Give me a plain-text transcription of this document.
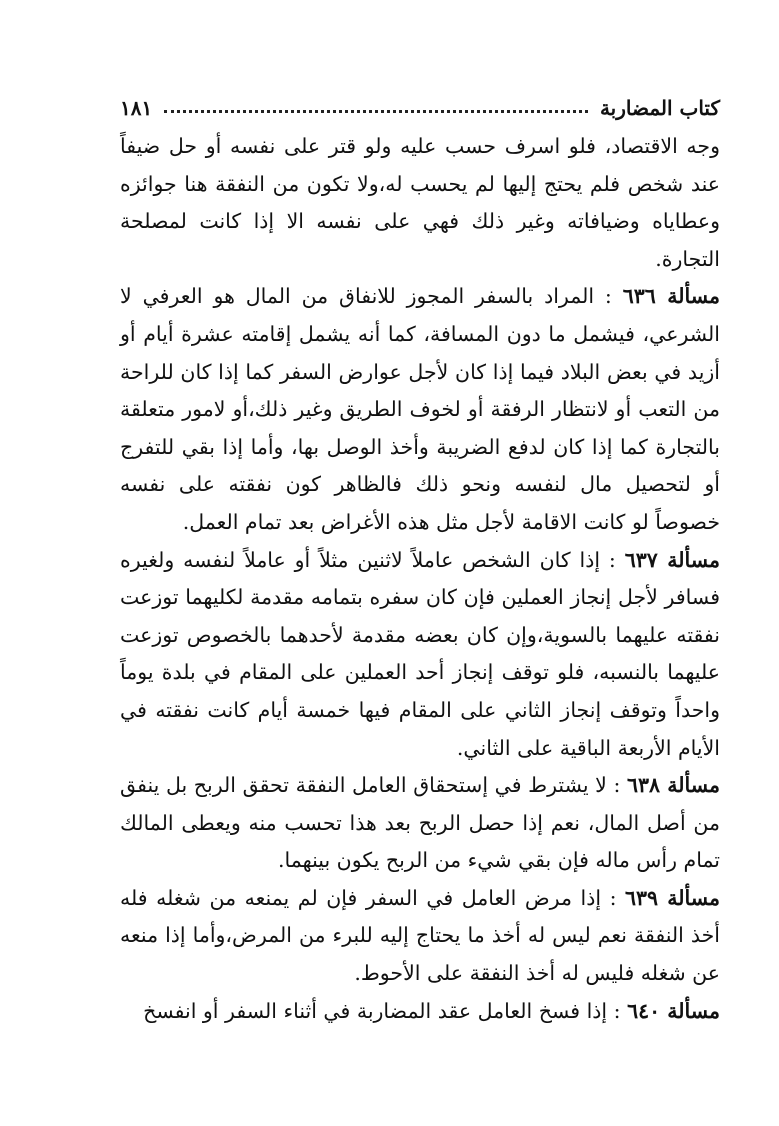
كتاب المضاربة
١٨١

وجه الاقتصاد، فلو اسرف حسب عليه ولو قتر على نفسه أو حل ضيفاً عند شخص فلم يحتج إليها لم يحسب له،ولا تكون من النفقة هنا جوائزه وعطاياه وضيافاته وغير ذلك فهي على نفسه الا إذا كانت لمصلحة التجارة.

مسألة ٦٣٦ : المراد بالسفر المجوز للانفاق من المال هو العرفي لا الشرعي، فيشمل ما دون المسافة، كما أنه يشمل إقامته عشرة أيام أو أزيد في بعض البلاد فيما إذا كان لأجل عوارض السفر كما إذا كان للراحة من التعب أو لانتظار الرفقة أو لخوف الطريق وغير ذلك،أو لامور متعلقة بالتجارة كما إذا كان لدفع الضريبة وأخذ الوصل بها، وأما إذا بقي للتفرج أو لتحصيل مال لنفسه ونحو ذلك فالظاهر كون نفقته على نفسه خصوصاً لو كانت الاقامة لأجل مثل هذه الأغراض بعد تمام العمل.

مسألة ٦٣٧ : إذا كان الشخص عاملاً لاثنين مثلاً أو عاملاً لنفسه ولغيره فسافر لأجل إنجاز العملين فإن كان سفره بتمامه مقدمة لكليهما توزعت نفقته عليهما بالسوية،وإن كان بعضه مقدمة لأحدهما بالخصوص توزعت عليهما بالنسبه، فلو توقف إنجاز أحد العملين على المقام في بلدة يوماً واحداً وتوقف إنجاز الثاني على المقام فيها خمسة أيام كانت نفقته في الأيام الأربعة الباقية على الثاني.

مسألة ٦٣٨ : لا يشترط في إستحقاق العامل النفقة تحقق الربح بل ينفق من أصل المال، نعم إذا حصل الربح بعد هذا تحسب منه ويعطى المالك تمام رأس ماله فإن بقي شيء من الربح يكون بينهما.

مسألة ٦٣٩ : إذا مرض العامل في السفر فإن لم يمنعه من شغله فله أخذ النفقة نعم ليس له أخذ ما يحتاج إليه للبرء من المرض،وأما إذا منعه عن شغله فليس له أخذ النفقة على الأحوط.

مسألة ٦٤٠ : إذا فسخ العامل عقد المضاربة في أثناء السفر أو انفسخ
